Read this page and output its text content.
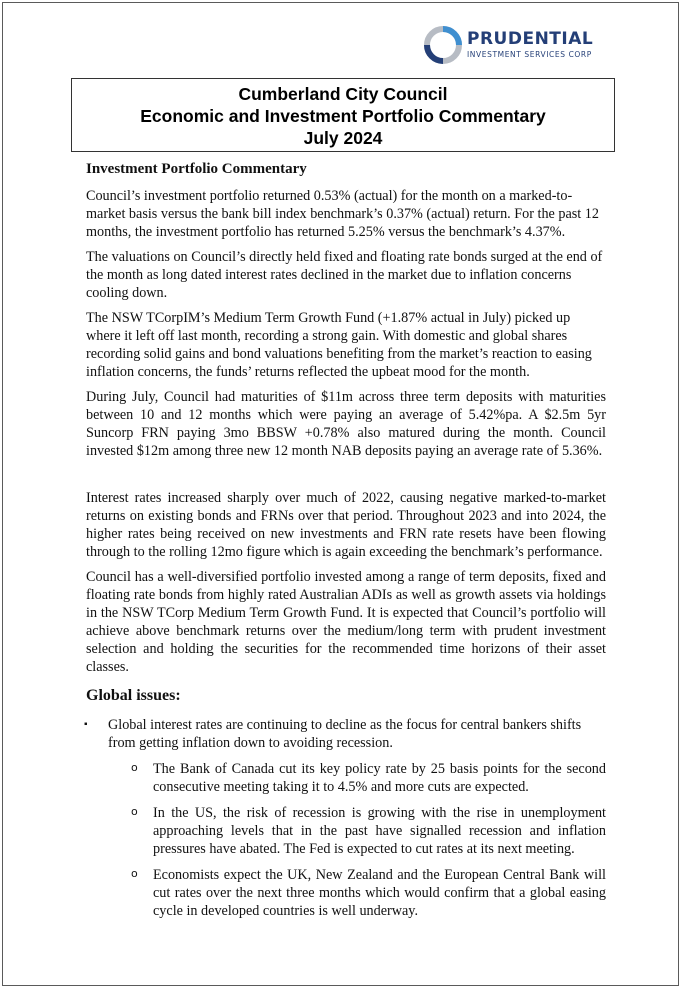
PRUDENTIAL
INVESTMENT SERVICES CORP
Cumberland City Council
Economic and Investment Portfolio Commentary
July 2024
Investment Portfolio Commentary

Council’s investment portfolio returned 0.53% (actual) for the month on a marked-to-market basis versus the bank bill index benchmark’s 0.37% (actual) return. For the past 12 months, the investment portfolio has returned 5.25% versus the benchmark’s 4.37%.

The valuations on Council’s directly held fixed and floating rate bonds surged at the end of the month as long dated interest rates declined in the market due to inflation concerns cooling down.

The NSW TCorpIM’s Medium Term Growth Fund (+1.87% actual in July) picked up where it left off last month, recording a strong gain. With domestic and global shares recording solid gains and bond valuations benefiting from the market’s reaction to easing inflation concerns, the funds’ returns reflected the upbeat mood for the month.

During July, Council had maturities of $11m across three term deposits with maturities between 10 and 12 months which were paying an average of 5.42%pa. A $2.5m 5yr Suncorp FRN paying 3mo BBSW +0.78% also matured during the month. Council invested $12m among three new 12 month NAB deposits paying an average rate of 5.36%.

Interest rates increased sharply over much of 2022, causing negative marked-to-market returns on existing bonds and FRNs over that period. Throughout 2023 and into 2024, the higher rates being received on new investments and FRN rate resets have been flowing through to the rolling 12mo figure which is again exceeding the benchmark’s performance.

Council has a well-diversified portfolio invested among a range of term deposits, fixed and floating rate bonds from highly rated Australian ADIs as well as growth assets via holdings in the NSW TCorp Medium Term Growth Fund. It is expected that Council’s portfolio will achieve above benchmark returns over the medium/long term with prudent investment selection and holding the securities for the recommended time horizons of their asset classes.

Global issues:
▪ Global interest rates are continuing to decline as the focus for central bankers shifts from getting inflation down to avoiding recession.
o The Bank of Canada cut its key policy rate by 25 basis points for the second consecutive meeting taking it to 4.5% and more cuts are expected.
o In the US, the risk of recession is growing with the rise in unemployment approaching levels that in the past have signalled recession and inflation pressures have abated. The Fed is expected to cut rates at its next meeting.
o Economists expect the UK, New Zealand and the European Central Bank will cut rates over the next three months which would confirm that a global easing cycle in developed countries is well underway.
